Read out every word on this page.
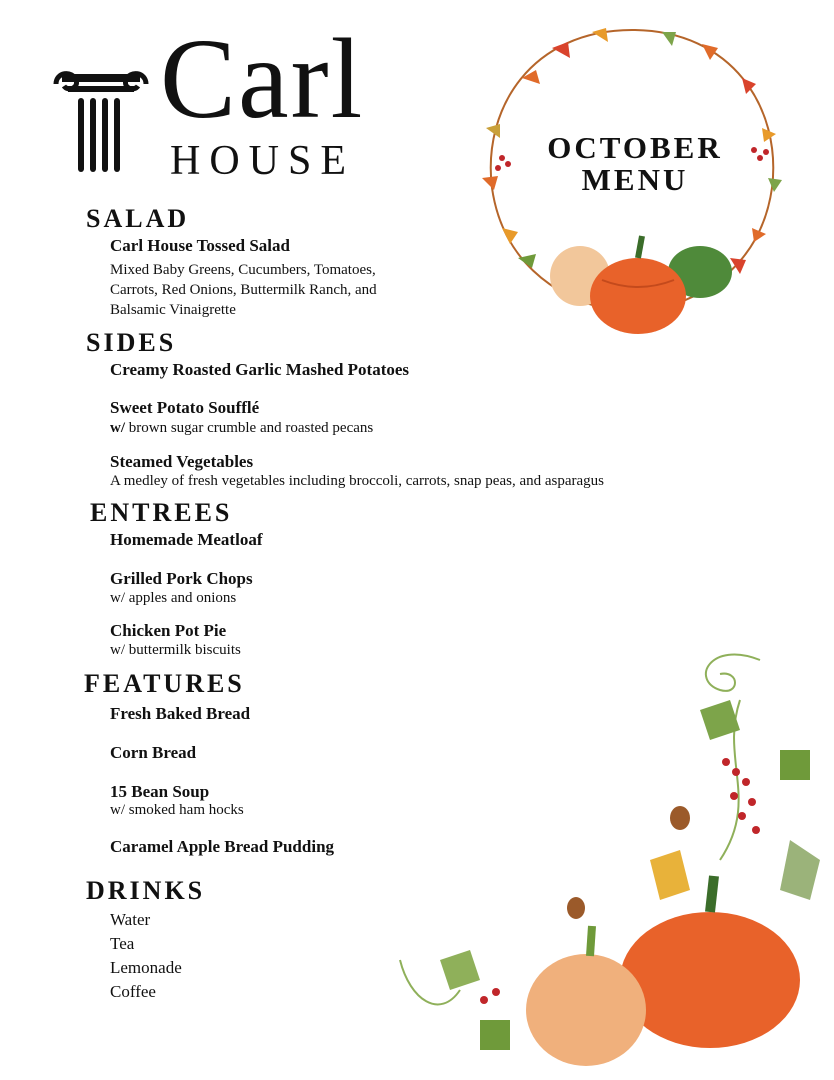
Carl
HOUSE	OCTOBER
MENU
SALAD
Carl House Tossed Salad
Mixed Baby Greens, Cucumbers, Tomatoes,
Carrots, Red Onions, Buttermilk Ranch, and
Balsamic Vinaigrette
SIDES
Creamy Roasted Garlic Mashed Potatoes
Sweet Potato Soufflé
w/ brown sugar crumble and roasted pecans
Steamed Vegetables
A medley of fresh vegetables including broccoli, carrots, snap peas, and asparagus
ENTREES
Homemade Meatloaf
Grilled Pork Chops
w/ apples and onions
Chicken Pot Pie
w/ buttermilk biscuits
FEATURES
Fresh Baked Bread
Corn Bread
15 Bean Soup
w/ smoked ham hocks
Caramel Apple Bread Pudding
DRINKS
Water
Tea
Lemonade
Coffee
